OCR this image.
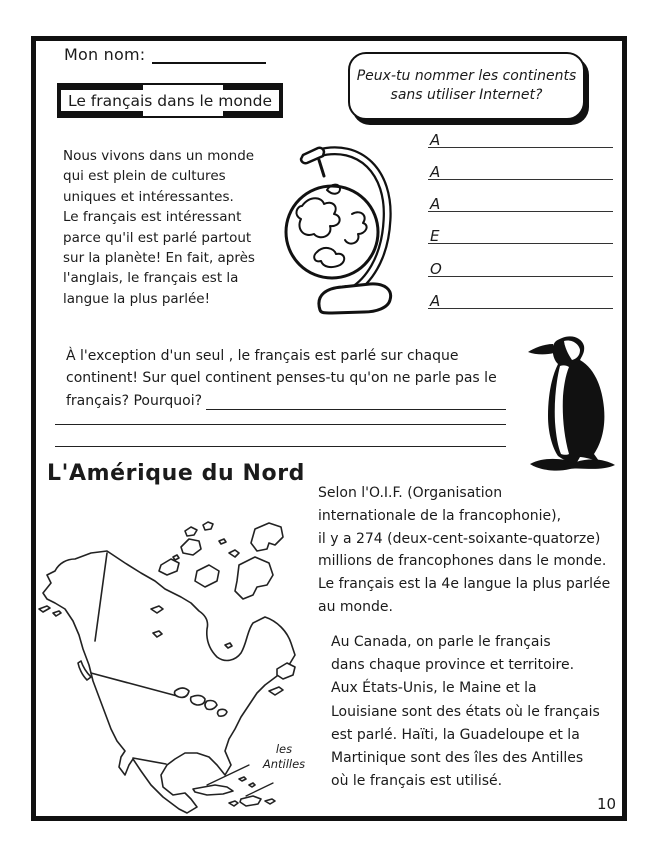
Mon nom:
Le français dans le monde
Peux-tu nommer les continents
sans utiliser Internet?
Nous vivons dans un monde
qui est plein de cultures
uniques et intéressantes.
Le français est intéressant
parce qu'il est parlé partout
sur la planète! En fait, après
l'anglais, le français est la
langue la plus parlée!
A
A
A
E
O
A
À l'exception d'un seul , le français est parlé sur chaque
continent! Sur quel continent penses-tu qu'on ne parle pas le
français? Pourquoi?
L'Amérique du Nord
Selon l'O.I.F. (Organisation
internationale de la francophonie),
il y a 274 (deux-cent-soixante-quatorze)
millions de francophones dans le monde.
Le français est la 4e langue la plus parlée
au monde.
Au Canada, on parle le français
dans chaque province et territoire.
Aux États-Unis, le Maine et la
Louisiane sont des états où le français
est parlé. Haïti, la Guadeloupe et la
Martinique sont des îles des Antilles
où le français est utilisé.
les
Antilles
10
